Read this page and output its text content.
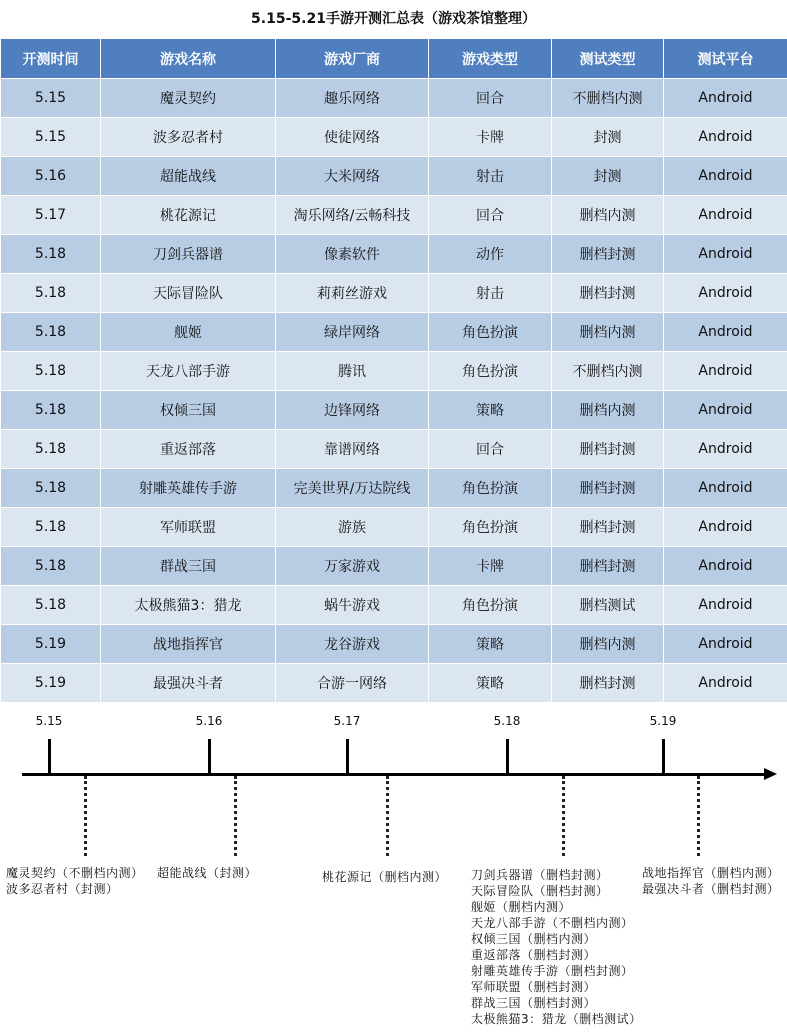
5.15-5.21手游开测汇总表（游戏茶馆整理）
开测时间	游戏名称	游戏厂商	游戏类型	测试类型	测试平台
5.15	魔灵契约	趣乐网络	回合	不删档内测	Android
5.15	波多忍者村	使徒网络	卡牌	封测	Android
5.16	超能战线	大米网络	射击	封测	Android
5.17	桃花源记	淘乐网络/云畅科技	回合	删档内测	Android
5.18	刀剑兵器谱	像素软件	动作	删档封测	Android
5.18	天际冒险队	莉莉丝游戏	射击	删档封测	Android
5.18	舰姬	绿岸网络	角色扮演	删档内测	Android
5.18	天龙八部手游	腾讯	角色扮演	不删档内测	Android
5.18	权倾三国	边锋网络	策略	删档内测	Android
5.18	重返部落	靠谱网络	回合	删档封测	Android
5.18	射雕英雄传手游	完美世界/万达院线	角色扮演	删档封测	Android
5.18	军师联盟	游族	角色扮演	删档封测	Android
5.18	群战三国	万家游戏	卡牌	删档封测	Android
5.18	太极熊猫3：猎龙	蜗牛游戏	角色扮演	删档测试	Android
5.19	战地指挥官	龙谷游戏	策略	删档内测	Android
5.19	最强决斗者	合游一网络	策略	删档封测	Android
5.15
魔灵契约（不删档内测）
波多忍者村（封测）
5.16
超能战线（封测）
5.17
桃花源记（删档内测）
5.18
刀剑兵器谱（删档封测）
天际冒险队（删档封测）
舰姬（删档内测）
天龙八部手游（不删档内测）
权倾三国（删档内测）
重返部落（删档封测）
射雕英雄传手游（删档封测）
军师联盟（删档封测）
群战三国（删档封测）
太极熊猫3：猎龙（删档测试）
5.19
战地指挥官（删档内测）
最强决斗者（删档封测）
